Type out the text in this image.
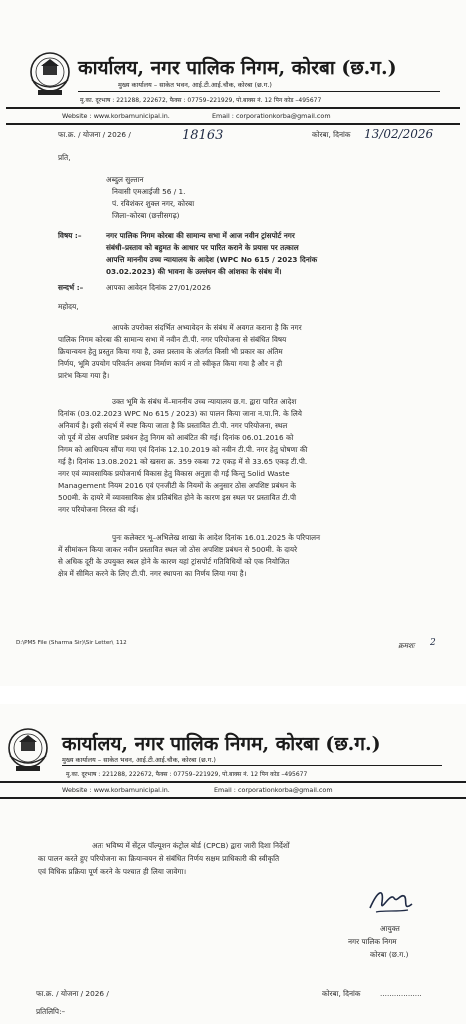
कार्यालय, नगर पालिक निगम, कोरबा (छ.ग.)
मुख्य कार्यालय – साकेत भवन, आई.टी.आई.चौक, कोरबा (छ.ग.)
मु.का. दूरभाष : 221288, 222672, फैक्स : 07759–221929, पो.बाक्स नं. 12 पिन कोड –495677
Website : www.korbamunicipal.in.	Email : corporationkorba@gmail.com
फा.क्र. / योजना / 2026 /	18163	कोरबा, दिनांक 13/02/2026
प्रति,
अब्दुल सुल्तान
निवासी एमआईजी 56 / 1.
पं. रविशंकर शुक्ल नगर, कोरबा
जिला–कोरबा (छत्तीसगढ़)
विषय :–	नगर पालिक निगम कोरबा की सामान्य सभा में आज नवीन ट्रांसपोर्ट नगर
संबंधी–प्रस्ताव को बहुमत के आधार पर पारित कराने के प्रयास पर तत्काल
आपत्ति माननीय उच्च न्यायालय के आदेश (WPC No 615 / 2023 दिनांक
03.02.2023) की भावना के उल्लंघन की आंशका के संबंध में।
सन्दर्भ :–	आपका आवेदन दिनांक 27/01/2026
महोदय,
आपके उपरोक्त संदर्भित अभ्यावेदन के संबंध में अवगत कराना है कि नगर
पालिक निगम कोरबा की सामान्य सभा में नवीन टी.पी. नगर परियोजना से संबंधित विषय
क्रियान्वयन हेतु प्रस्तुत किया गया है, उक्त प्रस्ताव के अंतर्गत किसी भी प्रकार का अंतिम
निर्णय, भूमि उपयोग परिवर्तन अथवा निर्माण कार्य न तो स्वीकृत किया गया है और न ही
प्रारंभ किया गया है।
उक्त भूमि के संबंध में–माननीय उच्च न्यायालय छ.ग. द्वारा पारित आदेश
दिनांक (03.02.2023 WPC No 615 / 2023) का पालन किया जाना न.पा.नि. के लिये
अनिवार्य है। इसी संदर्भ में स्पष्ट किया जाता है कि प्रस्तावित टी.पी. नगर परियोजना, स्थल
जो पूर्व में ठोस अपशिष्ट प्रबंधन हेतु निगम को आबंटित की गई। दिनांक 06.01.2016 को
निगम को आधिपत्य सौंपा गया एवं दिनांक 12.10.2019 को नवीन टी.पी. नगर हेतु घोषणा की
गई है। दिनांक 13.08.2021 को खसरा क्र. 359 रकबा 72 एकड़ में से 33.65 एकड़ टी.पी.
नगर एवं व्यावसायिक प्रयोजनार्थ विकास हेतु विकास अनुज्ञा दी गई किन्तु Solid Waste
Management नियम 2016 एवं एनजीटी के नियमों के अनुसार ठोस अपशिष्ट प्रबंधन के
500मी. के दायरे में व्यावसायिक क्षेत्र प्रतिबंधित होने के कारण इस स्थल पर प्रस्तावित टी.पी
नगर परियोजना निरस्त की गई।
पुनः कलेक्टर भू–अभिलेख शाखा के आदेश दिनांक 16.01.2025 के परिपालन
में सीमांकन किया जाकर नवीन प्रस्तावित स्थल जो ठोस अपशिष्ट प्रबंधन से 500मी. के दायरे
से अधिक दूरी के उपयुक्त स्थल होने के कारण यहां ट्रांसपोर्ट गतिविधियों को एक नियोजित
क्षेत्र में सीमित करने के लिए टी.पी. नगर स्थापना का निर्णय लिया गया है।
D:\PM5 File (Sharma Sir)\Sir Letter\ 112	क्रमशः 2
कार्यालय, नगर पालिक निगम, कोरबा (छ.ग.)
मुख्य कार्यालय – साकेत भवन, आई.टी.आई.चौक, कोरबा (छ.ग.)
मु.का. दूरभाष : 221288, 222672, फैक्स : 07759–221929, पो.बाक्स नं. 12 पिन कोड –495677
Website : www.korbamunicipal.in.	Email : corporationkorba@gmail.com
अतः भविष्य में सेंट्रल पॉल्यूशन कंट्रोल बोर्ड (CPCB) द्वारा जारी दिशा निर्देशों
का पालन करते हुए परियोजना का क्रियान्वयन से संबंधित निर्णय सक्षम प्राधिकारी की स्वीकृति
एवं विधिक प्रक्रिया पूर्ण करने के पश्चात ही लिया जावेगा।
आयुक्त
नगर पालिक निगम
कोरबा (छ.ग.)
फा.क्र. / योजना / 2026 /	कोरबा, दिनांक	..................
प्रतिलिपि:–
